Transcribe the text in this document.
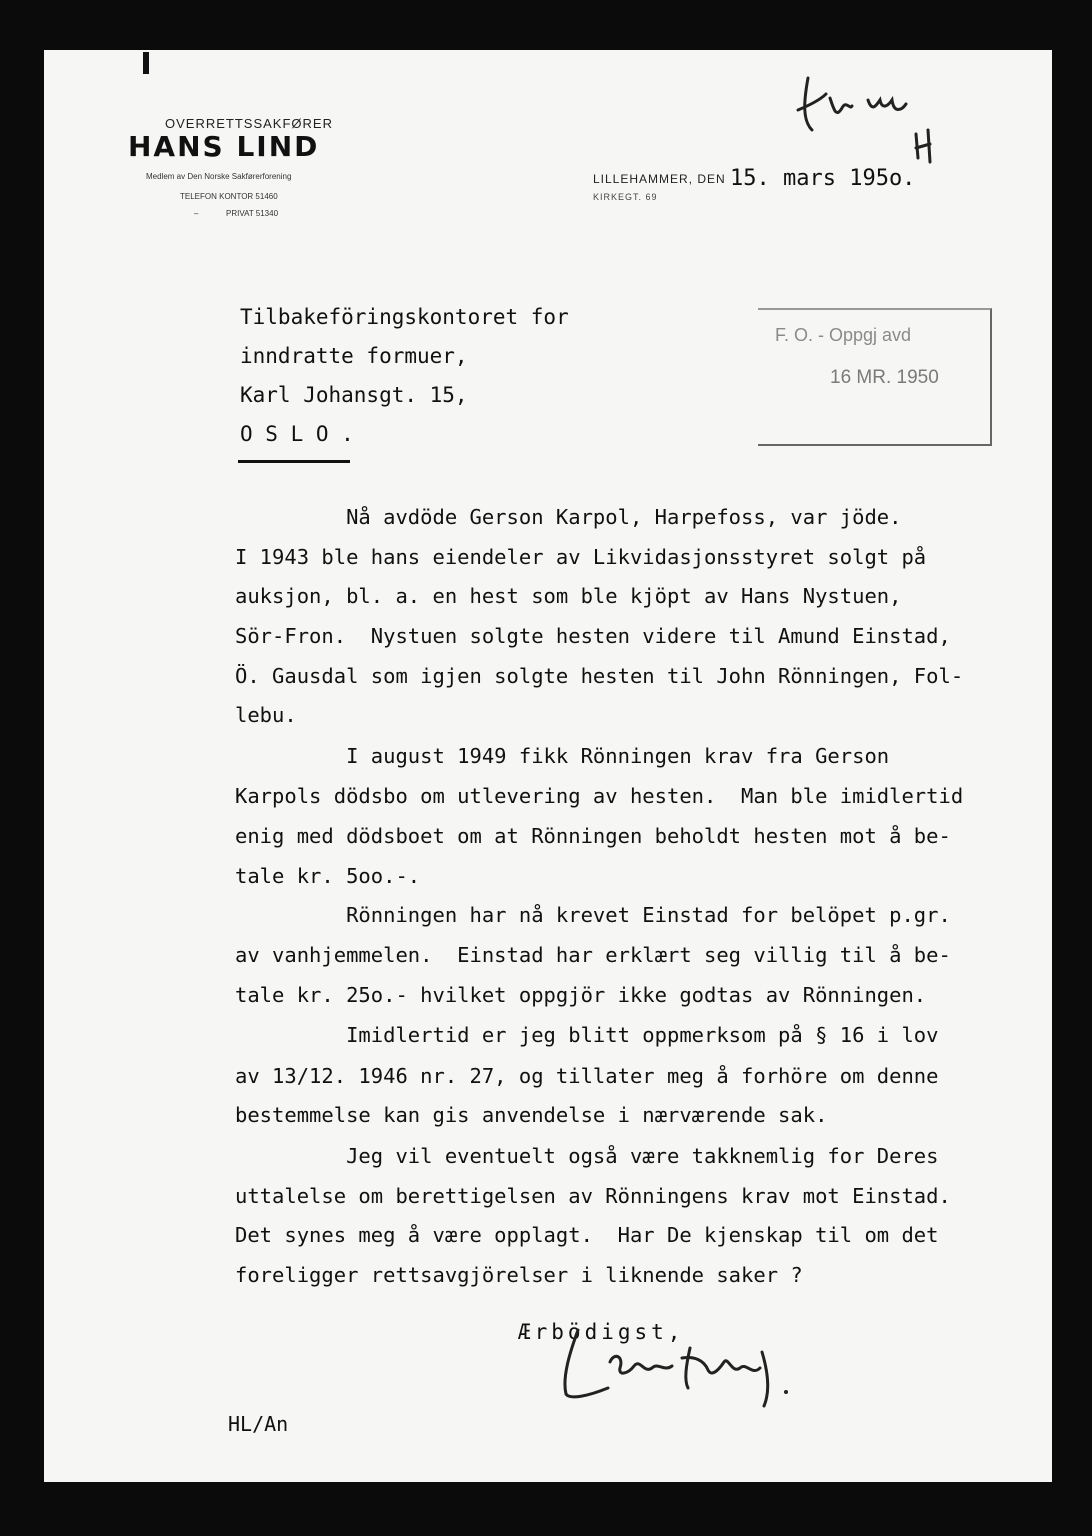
OVERRETTSSAKFØRER
HANS LIND
Medlem av Den Norske Sakførerforening
TELEFON KONTOR 51460
–	PRIVAT 51340
LILLEHAMMER, DEN 15. mars 195o.
KIRKEGT. 69
Tilbakeföringskontoret for
inndratte formuer,
Karl Johansgt. 15,
O S L O .
F. O. - Oppgj avd
16 MR. 1950
Nå avdöde Gerson Karpol, Harpefoss, var jöde.
I 1943 ble hans eiendeler av Likvidasjonsstyret solgt på
auksjon, bl. a. en hest som ble kjöpt av Hans Nystuen,
Sör-Fron.  Nystuen solgte hesten videre til Amund Einstad,
Ö. Gausdal som igjen solgte hesten til John Rönningen, Fol-
lebu.
I august 1949 fikk Rönningen krav fra Gerson
Karpols dödsbo om utlevering av hesten.  Man ble imidlertid
enig med dödsboet om at Rönningen beholdt hesten mot å be-
tale kr. 5oo.-.
Rönningen har nå krevet Einstad for belöpet p.gr.
av vanhjemmelen.  Einstad har erklært seg villig til å be-
tale kr. 25o.- hvilket oppgjör ikke godtas av Rönningen.
Imidlertid er jeg blitt oppmerksom på § 16 i lov
av 13/12. 1946 nr. 27, og tillater meg å forhöre om denne
bestemmelse kan gis anvendelse i nærværende sak.
Jeg vil eventuelt også være takknemlig for Deres
uttalelse om berettigelsen av Rönningens krav mot Einstad.
Det synes meg å være opplagt.  Har De kjenskap til om det
foreligger rettsavgjörelser i liknende saker ?
Ærbödigst,
HL/An
